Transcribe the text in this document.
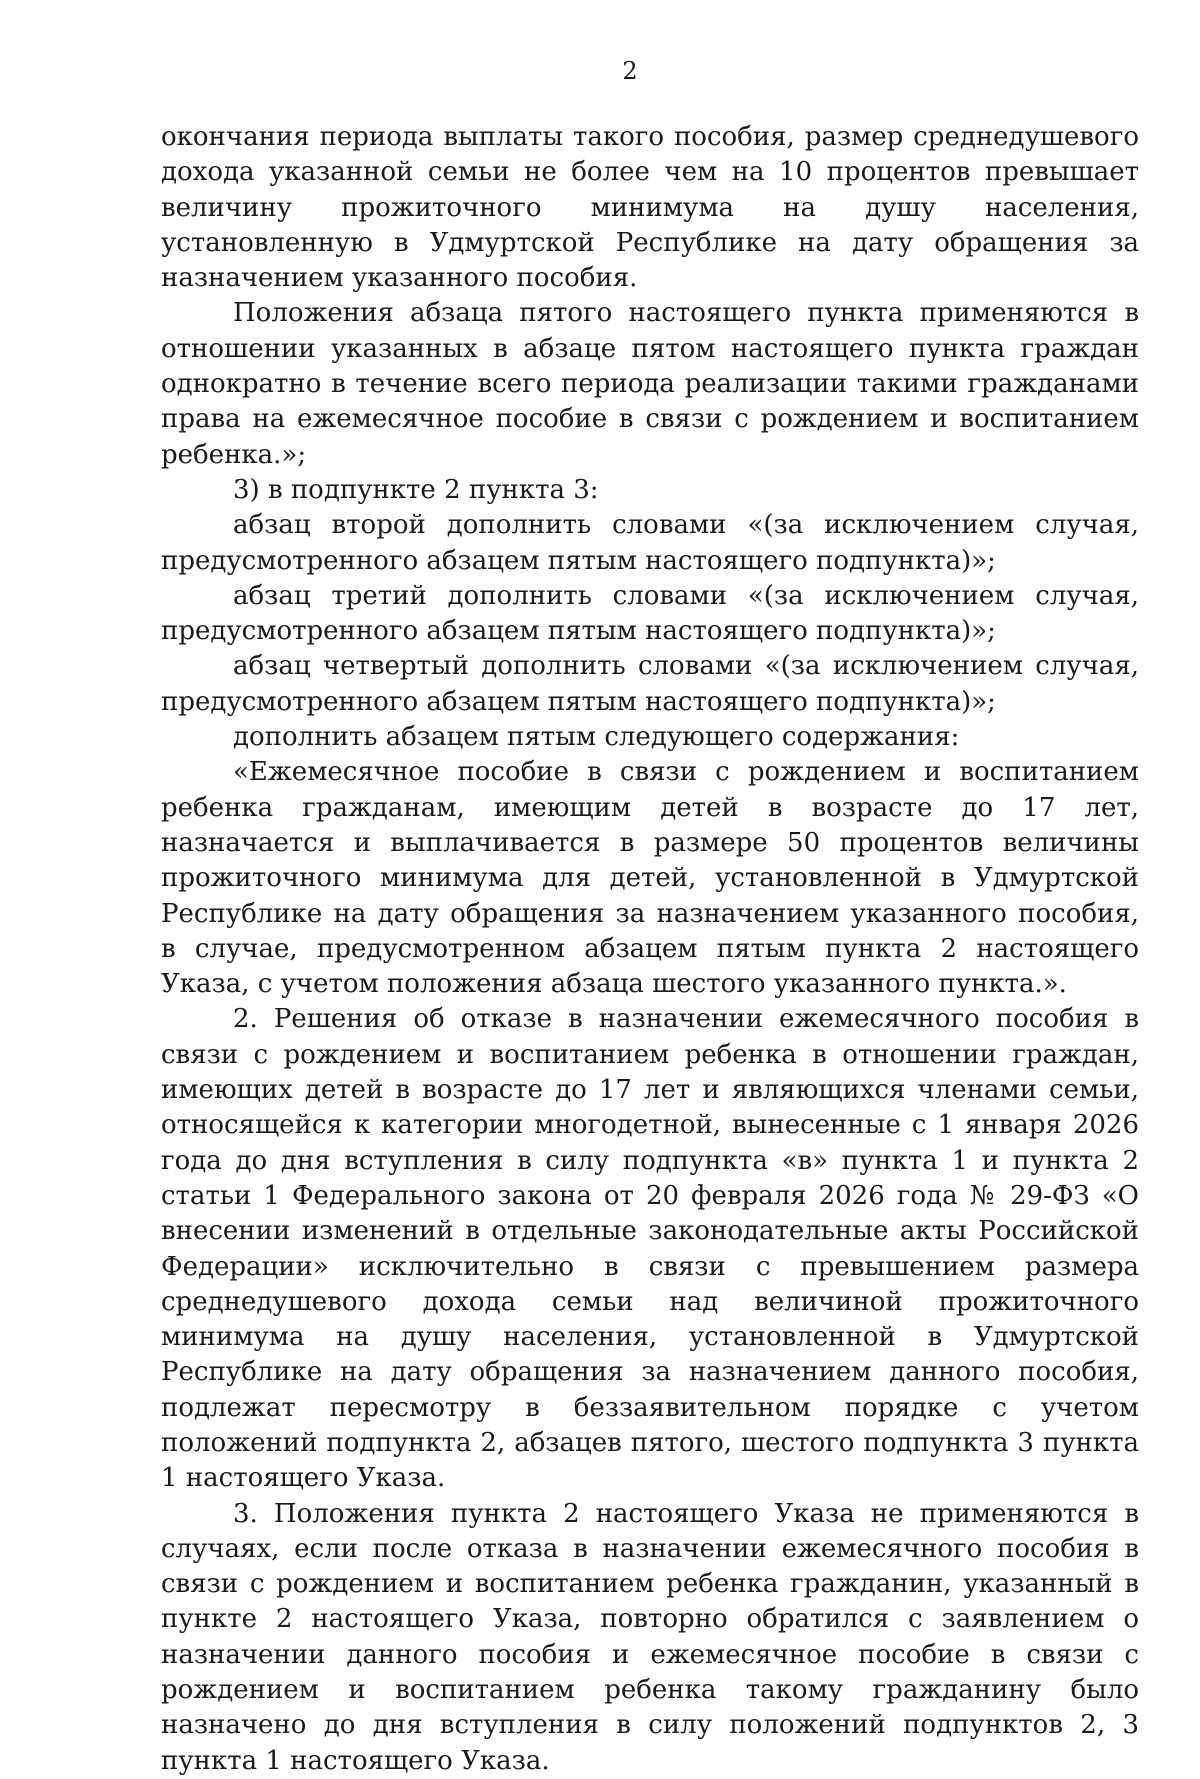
2

окончания периода выплаты такого пособия, размер среднедушевого дохода указанной семьи не более чем на 10 процентов превышает величину прожиточного минимума на душу населения, установленную в Удмуртской Республике на дату обращения за назначением указанного пособия.

Положения абзаца пятого настоящего пункта применяются в отношении указанных в абзаце пятом настоящего пункта граждан однократно в течение всего периода реализации такими гражданами права на ежемесячное пособие в связи с рождением и воспитанием ребенка.»;

3) в подпункте 2 пункта 3:

абзац второй дополнить словами «(за исключением случая, предусмотренного абзацем пятым настоящего подпункта)»;

абзац третий дополнить словами «(за исключением случая, предусмотренного абзацем пятым настоящего подпункта)»;

абзац четвертый дополнить словами «(за исключением случая, предусмотренного абзацем пятым настоящего подпункта)»;

дополнить абзацем пятым следующего содержания:

«Ежемесячное пособие в связи с рождением и воспитанием ребенка гражданам, имеющим детей в возрасте до 17 лет, назначается и выплачивается в размере 50 процентов величины прожиточного минимума для детей, установленной в Удмуртской Республике на дату обращения за назначением указанного пособия, в случае, предусмотренном абзацем пятым пункта 2 настоящего Указа, с учетом положения абзаца шестого указанного пункта.».

2. Решения об отказе в назначении ежемесячного пособия в связи с рождением и воспитанием ребенка в отношении граждан, имеющих детей в возрасте до 17 лет и являющихся членами семьи, относящейся к категории многодетной, вынесенные с 1 января 2026 года до дня вступления в силу подпункта «в» пункта 1 и пункта 2 статьи 1 Федерального закона от 20 февраля 2026 года № 29-ФЗ «О внесении изменений в отдельные законодательные акты Российской Федерации» исключительно в связи с превышением размера среднедушевого дохода семьи над величиной прожиточного минимума на душу населения, установленной в Удмуртской Республике на дату обращения за назначением данного пособия, подлежат пересмотру в беззаявительном порядке с учетом положений подпункта 2, абзацев пятого, шестого подпункта 3 пункта 1 настоящего Указа.

3. Положения пункта 2 настоящего Указа не применяются в случаях, если после отказа в назначении ежемесячного пособия в связи с рождением и воспитанием ребенка гражданин, указанный в пункте 2 настоящего Указа, повторно обратился с заявлением о назначении данного пособия и ежемесячное пособие в связи с рождением и воспитанием ребенка такому гражданину было назначено до дня вступления в силу положений подпунктов 2, 3 пункта 1 настоящего Указа.
